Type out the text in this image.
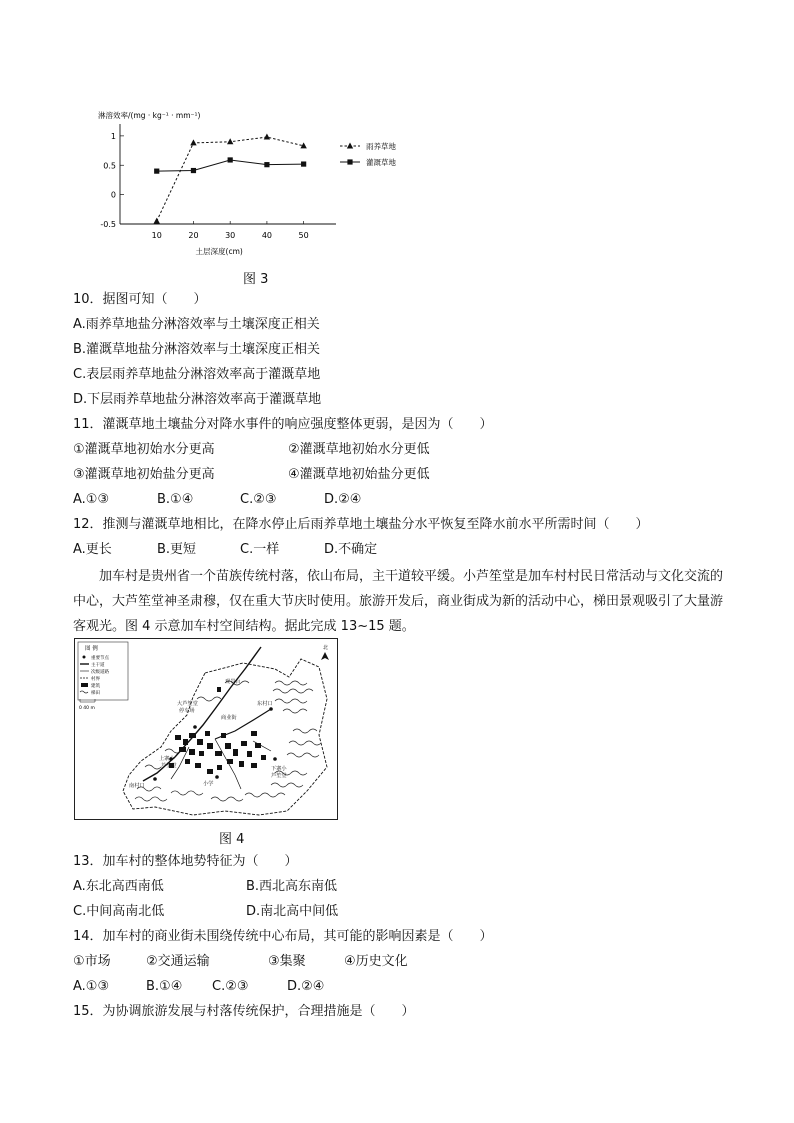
淋溶效率/(mg · kg⁻¹ · mm⁻¹)
-0.5
0
0.5
1
10	20	30	40	50
土层深度(cm)
雨养草地
灌溉草地
图 3
10．据图可知（　　）
A.雨养草地盐分淋溶效率与土壤深度正相关
B.灌溉草地盐分淋溶效率与土壤深度正相关
C.表层雨养草地盐分淋溶效率高于灌溉草地
D.下层雨养草地盐分淋溶效率高于灌溉草地
11．灌溉草地土壤盐分对降水事件的响应强度整体更弱，是因为（　　）
①灌溉草地初始水分更高	②灌溉草地初始水分更低
③灌溉草地初始盐分更高	④灌溉草地初始盐分更低
A.①③	B.①④	C.②③	D.②④
12．推测与灌溉草地相比，在降水停止后雨养草地土壤盐分水平恢复至降水前水平所需时间（　　）
A.更长	B.更短	C.一样	D.不确定
加车村是贵州省一个苗族传统村落，依山布局，主干道较平缓。小芦笙堂是加车村村民日常活动与文化交流的中心，大芦笙堂神圣肃穆，仅在重大节庆时使用。旅游开发后，商业街成为新的活动中心，梯田景观吸引了大量游客观光。图 4 示意加车村空间结构。据此完成 13~15 题。
图 例
重要节点
主干道
次级道路
村界
建筑
梯田
0 40 m
北
观景台
大芦笙堂
停车场
商业街
东村口
上寨小
芦笙堂	下寨小
芦笙堂
南村口	小学
图 4
13．加车村的整体地势特征为（　　）
A.东北高西南低	B.西北高东南低
C.中间高南北低	D.南北高中间低
14．加车村的商业街未围绕传统中心布局，其可能的影响因素是（　　）
①市场	②交通运输	③集聚	④历史文化
A.①③	B.①④ C.②③	D.②④
15．为协调旅游发展与村落传统保护，合理措施是（　　）
